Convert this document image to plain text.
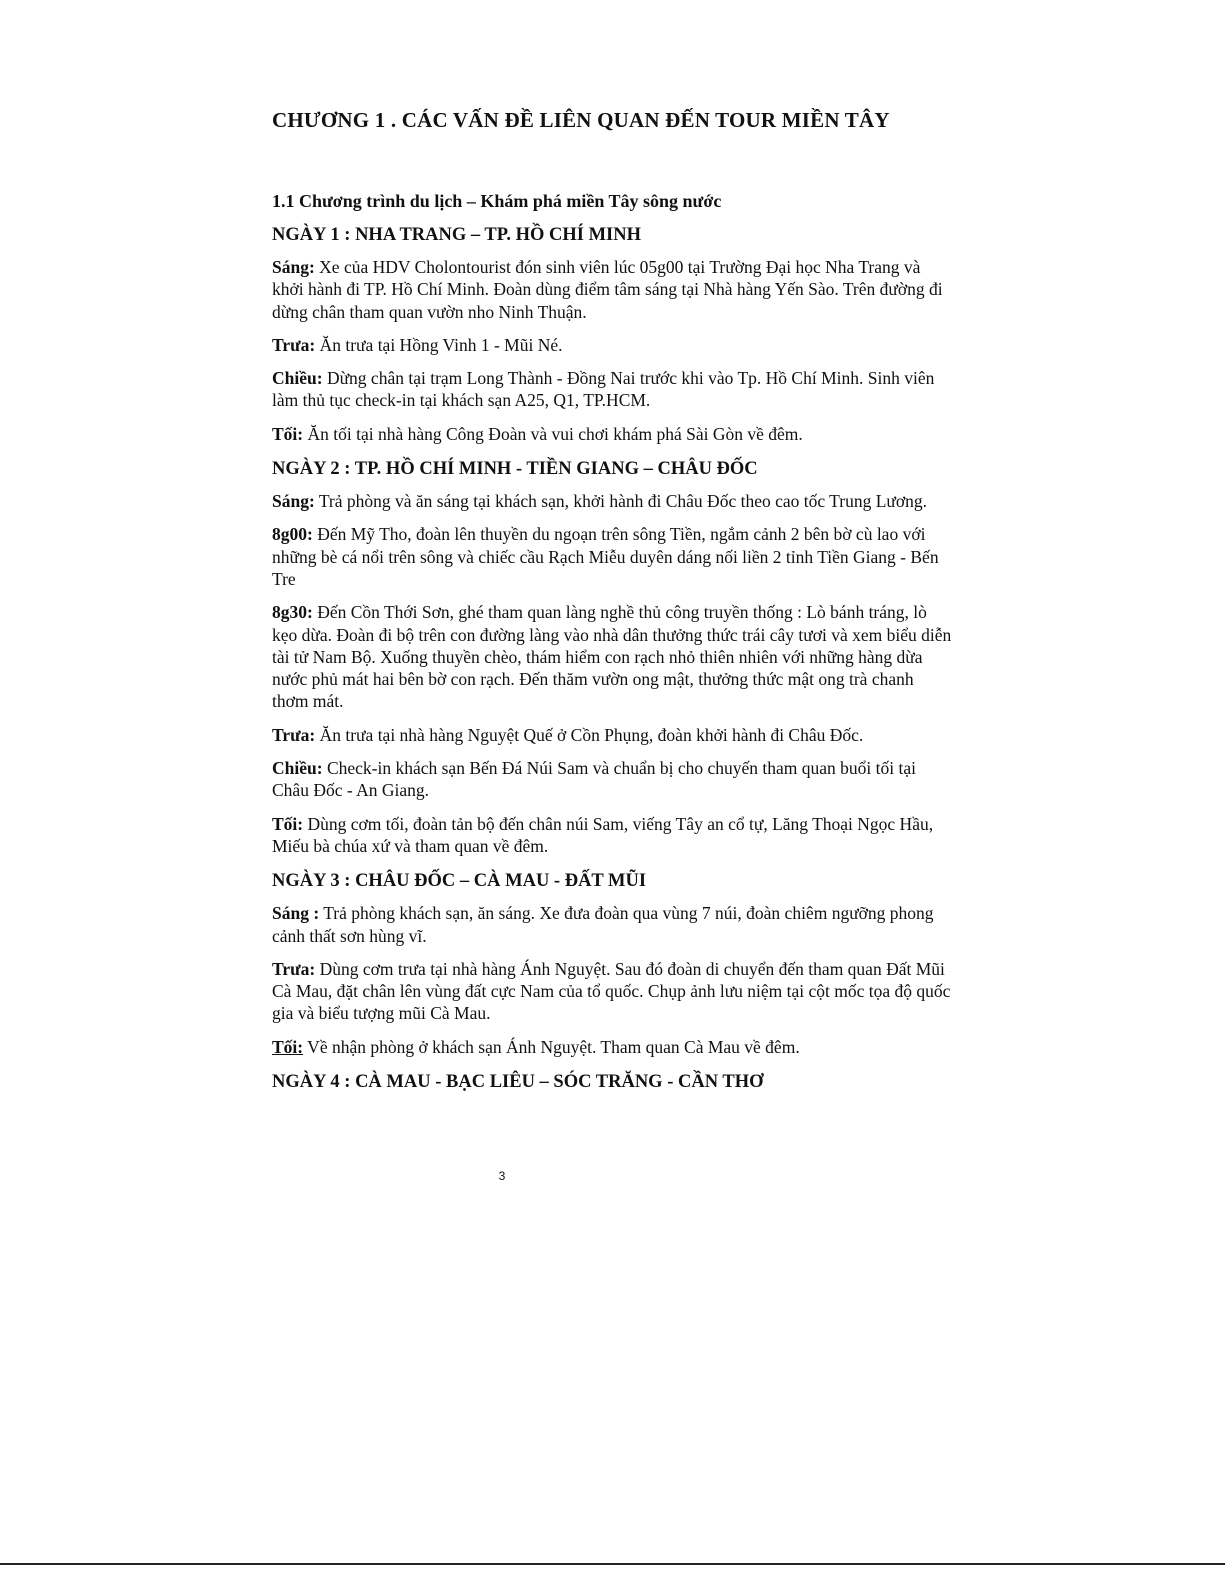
CHƯƠNG 1 . CÁC VẤN ĐỀ LIÊN QUAN ĐẾN TOUR MIỀN TÂY
1.1 Chương trình du lịch – Khám phá miền Tây sông nước
NGÀY 1 : NHA TRANG – TP. HỒ CHÍ MINH

Sáng: Xe của HDV Cholontourist đón sinh viên lúc 05g00 tại Trường Đại học Nha Trang và khởi hành đi TP. Hồ Chí Minh. Đoàn dùng điểm tâm sáng tại Nhà hàng Yến Sào. Trên đường đi dừng chân tham quan vườn nho Ninh Thuận.

Trưa: Ăn trưa tại Hồng Vinh 1 - Mũi Né.

Chiều: Dừng chân tại trạm Long Thành - Đồng Nai trước khi vào Tp. Hồ Chí Minh. Sinh viên làm thủ tục check-in tại khách sạn A25, Q1, TP.HCM.

Tối: Ăn tối tại nhà hàng Công Đoàn và vui chơi khám phá Sài Gòn về đêm.

NGÀY 2 : TP. HỒ CHÍ MINH - TIỀN GIANG – CHÂU ĐỐC

Sáng: Trả phòng và ăn sáng tại khách sạn, khởi hành đi Châu Đốc theo cao tốc Trung Lương.

8g00: Đến Mỹ Tho, đoàn lên thuyền du ngoạn trên sông Tiền, ngắm cảnh 2 bên bờ cù lao với những bè cá nổi trên sông và chiếc cầu Rạch Miễu duyên dáng nối liền 2 tỉnh Tiền Giang - Bến Tre

8g30: Đến Cồn Thới Sơn, ghé tham quan làng nghề thủ công truyền thống : Lò bánh tráng, lò kẹo dừa. Đoàn đi bộ trên con đường làng vào nhà dân thưởng thức trái cây tươi và xem biểu diễn tài tử Nam Bộ. Xuống thuyền chèo, thám hiểm con rạch nhỏ thiên nhiên với những hàng dừa nước phủ mát hai bên bờ con rạch. Đến thăm vườn ong mật, thưởng thức mật ong trà chanh thơm mát.

Trưa: Ăn trưa tại nhà hàng Nguyệt Quế ở Cồn Phụng, đoàn khởi hành đi Châu Đốc.

Chiều: Check-in khách sạn Bến Đá Núi Sam và chuẩn bị cho chuyến tham quan buổi tối tại Châu Đốc - An Giang.

Tối: Dùng cơm tối, đoàn tản bộ đến chân núi Sam, viếng Tây an cổ tự, Lăng Thoại Ngọc Hầu, Miếu bà chúa xứ và tham quan về đêm.

NGÀY 3 : CHÂU ĐỐC – CÀ MAU - ĐẤT MŨI

Sáng : Trả phòng khách sạn, ăn sáng. Xe đưa đoàn qua vùng 7 núi, đoàn chiêm ngưỡng phong cảnh thất sơn hùng vĩ.

Trưa: Dùng cơm trưa tại nhà hàng Ánh Nguyệt. Sau đó đoàn di chuyển đến tham quan Đất Mũi Cà Mau, đặt chân lên vùng đất cực Nam của tổ quốc. Chụp ảnh lưu niệm tại cột mốc tọa độ quốc gia và biểu tượng mũi Cà Mau.

Tối: Về nhận phòng ở khách sạn Ánh Nguyệt. Tham quan Cà Mau về đêm.

NGÀY 4 : CÀ MAU - BẠC LIÊU – SÓC TRĂNG - CẦN THƠ
3
